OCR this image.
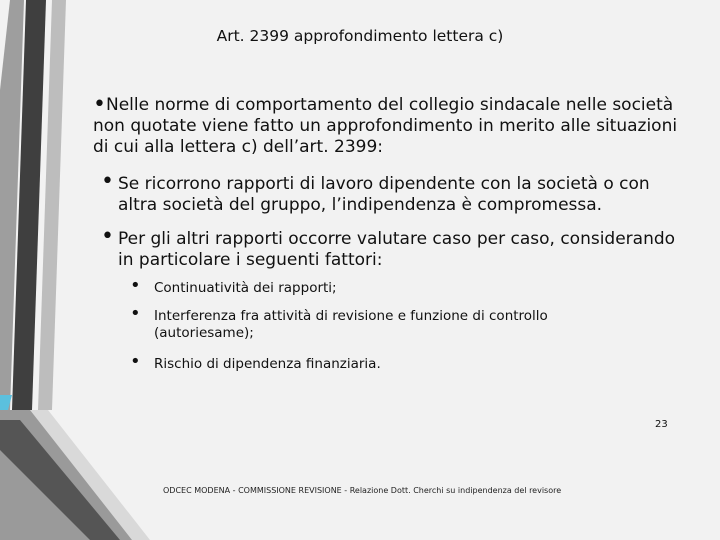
Art. 2399 approfondimento lettera c)
•Nelle norme di comportamento del collegio sindacale nelle società non quotate viene fatto un approfondimento in merito alle situazioni di cui alla lettera c) dell’art. 2399:
• Se ricorrono rapporti di lavoro dipendente con la società o con altra società del gruppo, l’indipendenza è compromessa.
• Per gli altri rapporti occorre valutare caso per caso, considerando in particolare i seguenti fattori:
• Continuatività dei rapporti;
• Interferenza fra attività di revisione e funzione di controllo (autoriesame);
• Rischio di dipendenza finanziaria.
23
ODCEC MODENA - COMMISSIONE REVISIONE - Relazione Dott. Cherchi su indipendenza del revisore
